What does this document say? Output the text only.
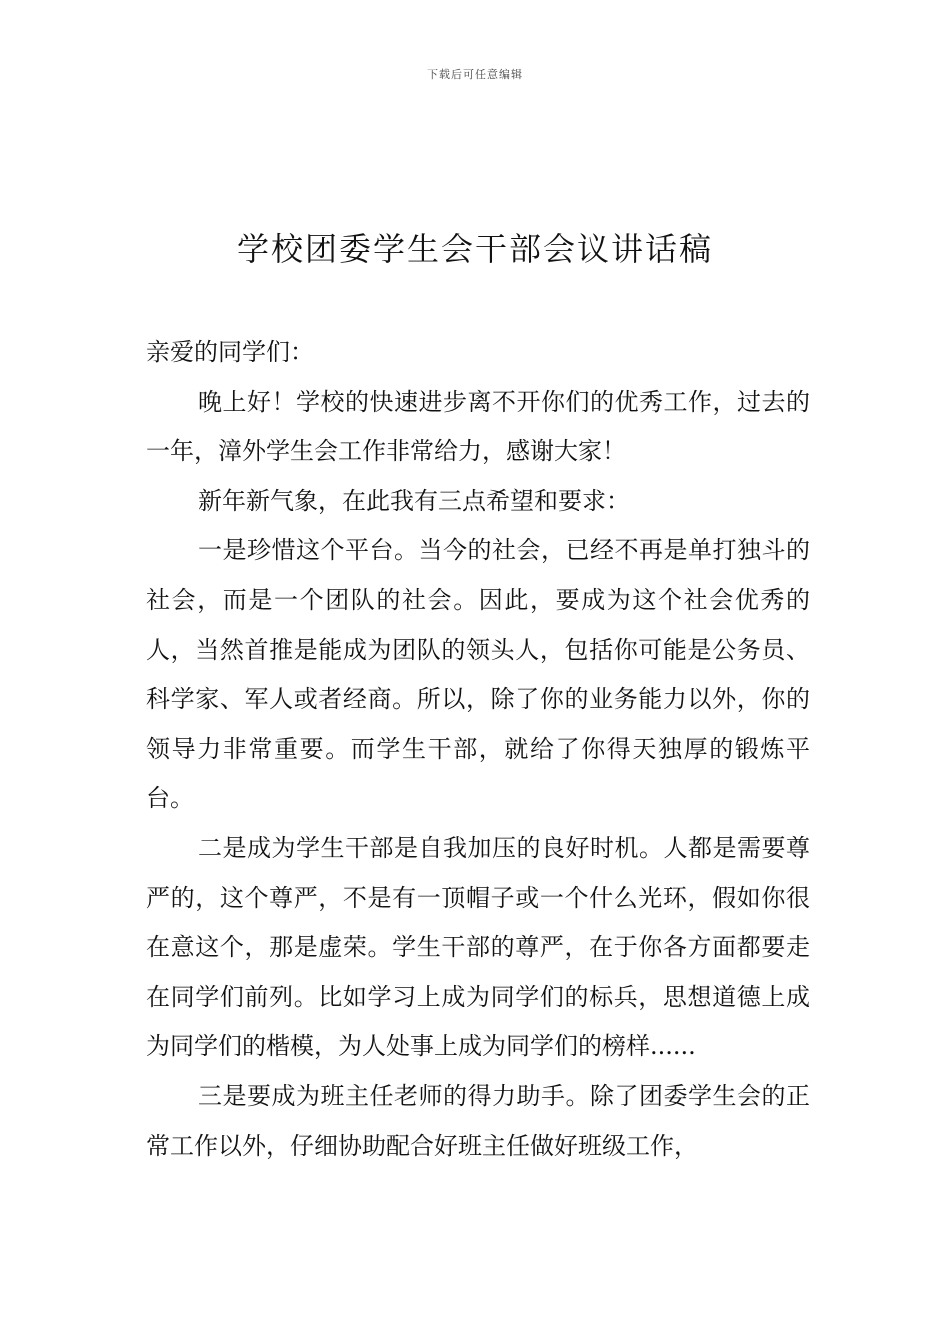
下载后可任意编辑
学校团委学生会干部会议讲话稿

亲爱的同学们：

晚上好！学校的快速进步离不开你们的优秀工作，过去的一年，漳外学生会工作非常给力，感谢大家！

新年新气象，在此我有三点希望和要求：

一是珍惜这个平台。当今的社会，已经不再是单打独斗的社会，而是一个团队的社会。因此，要成为这个社会优秀的人，当然首推是能成为团队的领头人，包括你可能是公务员、科学家、军人或者经商。所以，除了你的业务能力以外，你的领导力非常重要。而学生干部，就给了你得天独厚的锻炼平台。

二是成为学生干部是自我加压的良好时机。人都是需要尊严的，这个尊严，不是有一顶帽子或一个什么光环，假如你很在意这个，那是虚荣。学生干部的尊严，在于你各方面都要走在同学们前列。比如学习上成为同学们的标兵，思想道德上成为同学们的楷模，为人处事上成为同学们的榜样......

三是要成为班主任老师的得力助手。除了团委学生会的正常工作以外，仔细协助配合好班主任做好班级工作，
